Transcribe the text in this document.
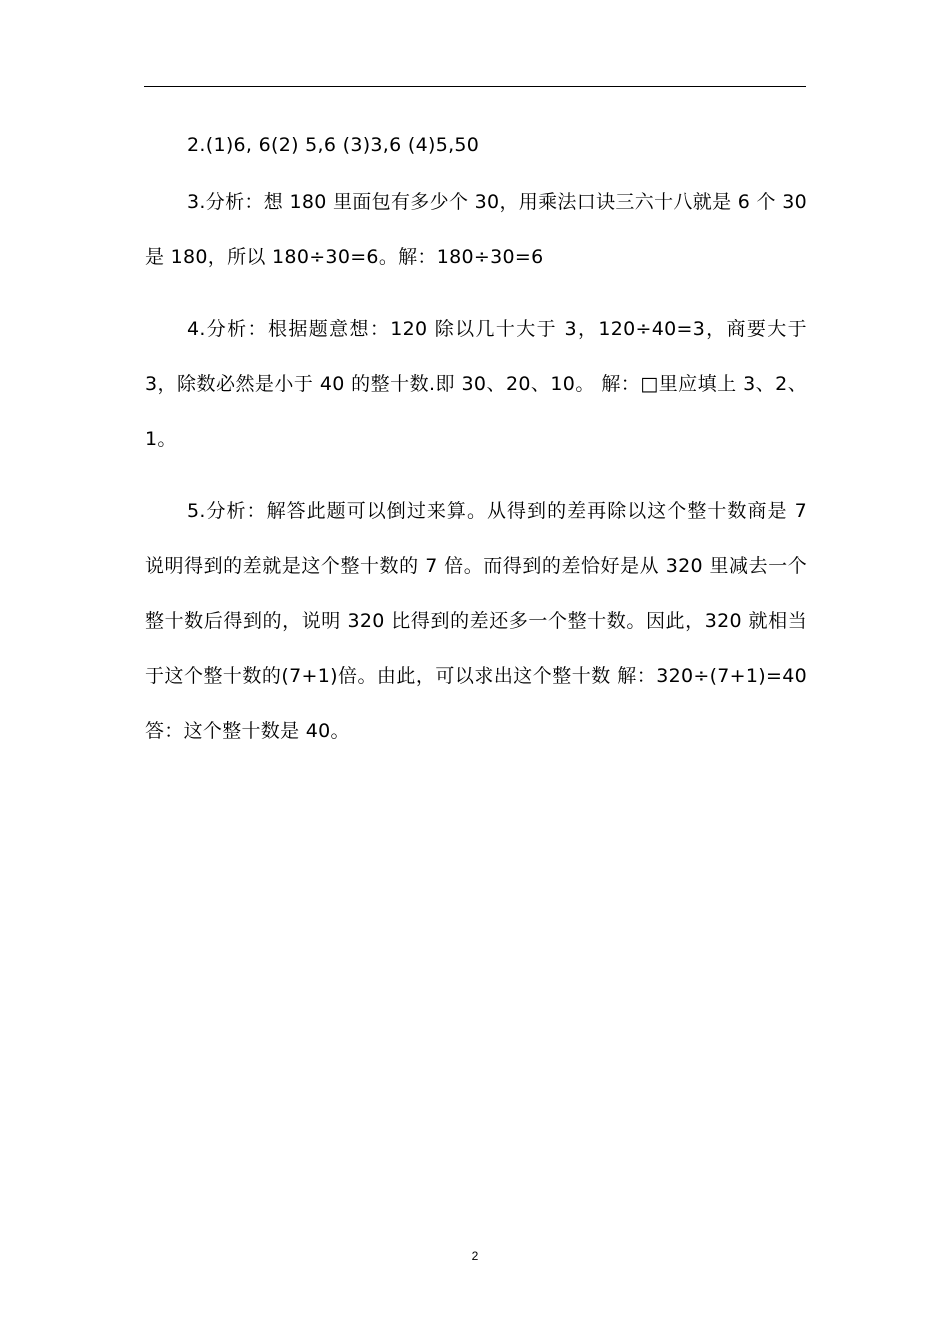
2.(1)6, 6(2) 5,6 (3)3,6 (4)5,50

3.分析：想 180 里面包有多少个 30，用乘法口诀三六十八就是 6 个 30 是 180，所以 180÷30=6。解：180÷30=6

4.分析：根据题意想：120 除以几十大于 3，120÷40=3，商要大于 3，除数必然是小于 40 的整十数.即 30、20、10。 解：□里应填上 3、2、1。

5.分析：解答此题可以倒过来算。从得到的差再除以这个整十数商是 7 说明得到的差就是这个整十数的 7 倍。而得到的差恰好是从 320 里减去一个整十数后得到的，说明 320 比得到的差还多一个整十数。因此，320 就相当于这个整十数的(7+1)倍。由此，可以求出这个整十数 解：320÷(7+1)=40 答：这个整十数是 40。

2
